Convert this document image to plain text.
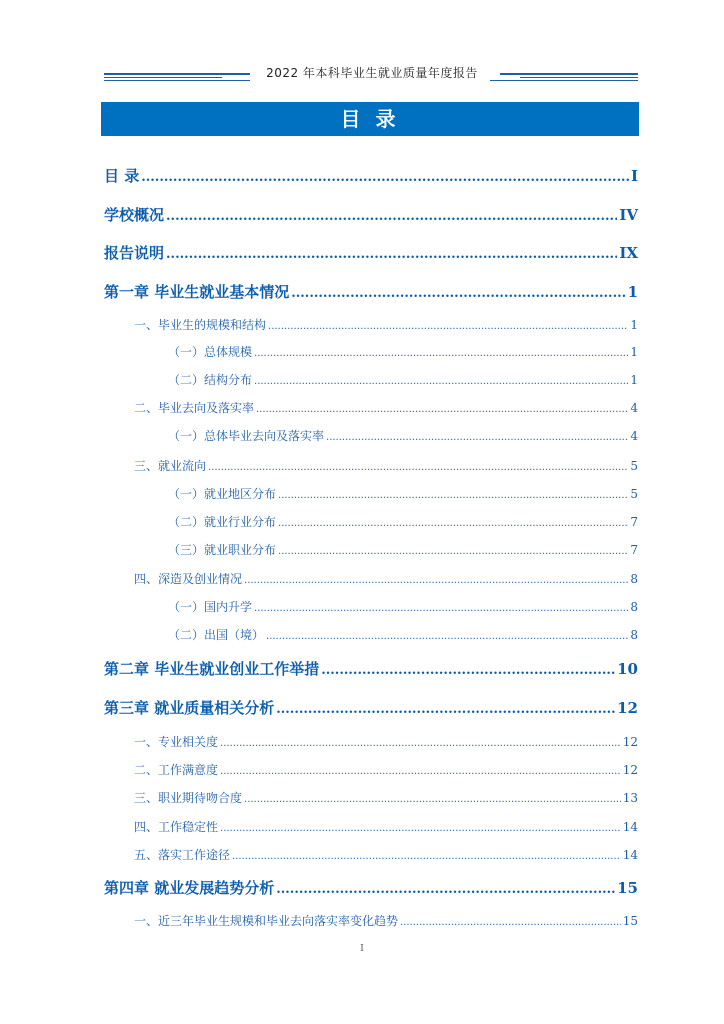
2022 年本科毕业生就业质量年度报告
目 录
目 录 .....	I
学校概况 .....	IV
报告说明 .....	IX
第一章 毕业生就业基本情况 .....	1
一、毕业生的规模和结构 .....	1
（一）总体规模 .....	1
（二）结构分布 .....	1
二、毕业去向及落实率 .....	4
（一）总体毕业去向及落实率 .....	4
三、就业流向 .....	5
（一）就业地区分布 .....	5
（二）就业行业分布 .....	7
（三）就业职业分布 .....	7
四、深造及创业情况 .....	8
（一）国内升学 .....	8
（二）出国（境） .....	8
第二章 毕业生就业创业工作举措 .....	10
第三章 就业质量相关分析 .....	12
一、专业相关度 .....	12
二、工作满意度 .....	12
三、职业期待吻合度 .....	13
四、工作稳定性 .....	14
五、落实工作途径 .....	14
第四章 就业发展趋势分析 .....	15
一、近三年毕业生规模和毕业去向落实率变化趋势 .....	15
I
